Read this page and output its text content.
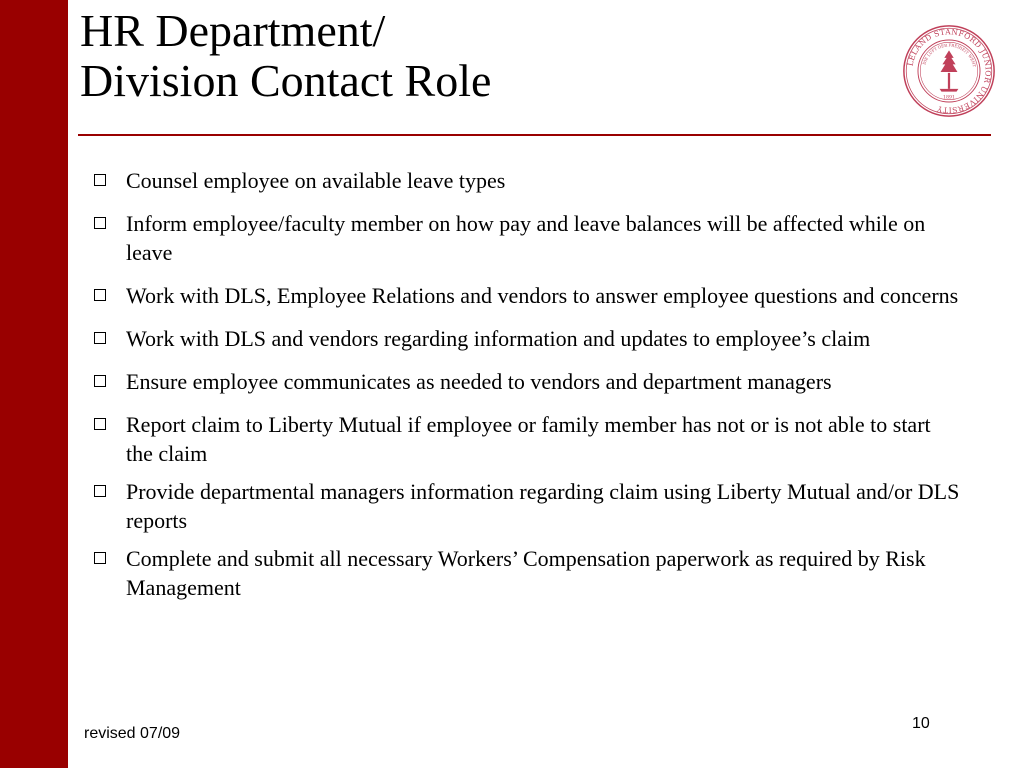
HR Department/
Division Contact Role	LELAND STANFORD JUNIOR UNIVERSITY
DIE LUFT DER FREIHEIT WEHT
1891
Counsel employee on available leave types
Inform employee/faculty member on how pay and leave balances will be affected while on leave
Work with DLS, Employee Relations and vendors to answer employee questions and concerns
Work with DLS and vendors regarding information and updates to employee’s claim
Ensure employee communicates as needed to vendors and department managers
Report claim to Liberty Mutual if employee or family member has not or is not able to start the claim
Provide departmental managers information regarding claim using Liberty Mutual and/or DLS reports
Complete and submit all necessary Workers’ Compensation paperwork as required by Risk Management
revised 07/09
10
